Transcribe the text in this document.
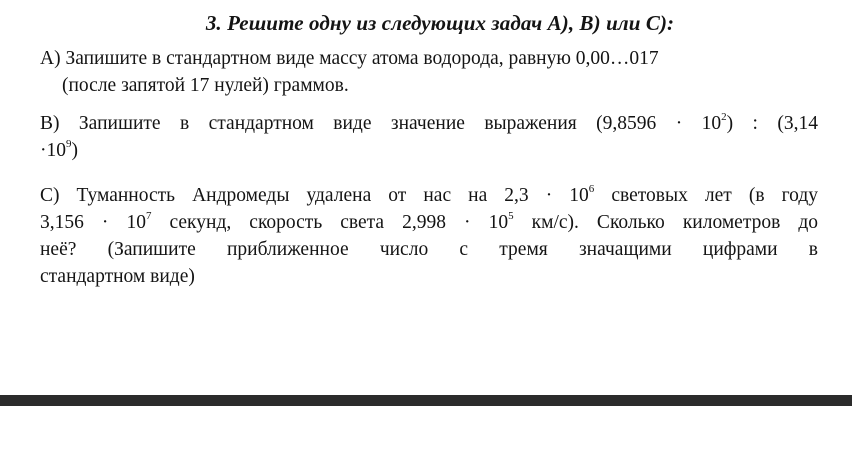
3. Решите одну из следующих задач А), В) или С):
А) Запишите в стандартном виде массу атома водорода, равную 0,00…017
(после запятой 17 нулей) граммов.
В) Запишите в стандартном виде значение выражения $(9,8596 \cdot 10^2)$ : (3,14
$\cdot 10^9$)
С) Туманность Андромеды удалена от нас на $2,3 \cdot 10^6$ световых лет (в году
$3,156 \cdot 10^7$ секунд, скорость света $2,998 \cdot 10^5$ км/с). Сколько километров до
неё? (Запишите приближенное число с тремя значащими цифрами в
стандартном виде)
